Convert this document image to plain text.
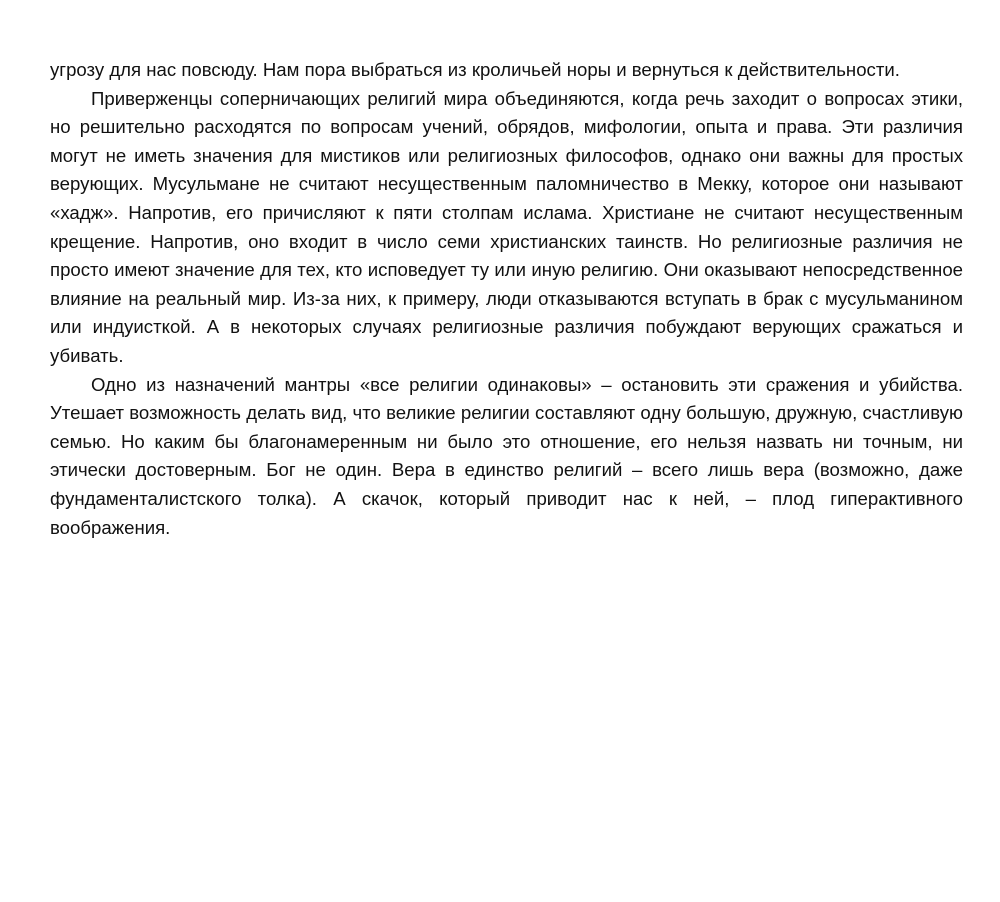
угрозу для нас повсюду. Нам пора выбраться из кроличьей норы и вернуться к действительности.

Приверженцы соперничающих религий мира объединяются, когда речь заходит о вопросах этики, но решительно расходятся по вопросам учений, обрядов, мифологии, опыта и права. Эти различия могут не иметь значения для мистиков или религиозных философов, однако они важны для простых верующих. Мусульмане не считают несущественным паломничество в Мекку, которое они называют «хадж». Напротив, его причисляют к пяти столпам ислама. Христиане не считают несущественным крещение. Напротив, оно входит в число семи христианских таинств. Но религиозные различия не просто имеют значение для тех, кто исповедует ту или иную религию. Они оказывают непосредственное влияние на реальный мир. Из-за них, к примеру, люди отказываются вступать в брак с мусульманином или индуисткой. А в некоторых случаях религиозные различия побуждают верующих сражаться и убивать.

Одно из назначений мантры «все религии одинаковы» – остановить эти сражения и убийства. Утешает возможность делать вид, что великие религии составляют одну большую, дружную, счастливую семью. Но каким бы благонамеренным ни было это отношение, его нельзя назвать ни точным, ни этически достоверным. Бог не один. Вера в единство религий – всего лишь вера (возможно, даже фундаменталистского толка). А скачок, который приводит нас к ней, – плод гиперактивного воображения.
